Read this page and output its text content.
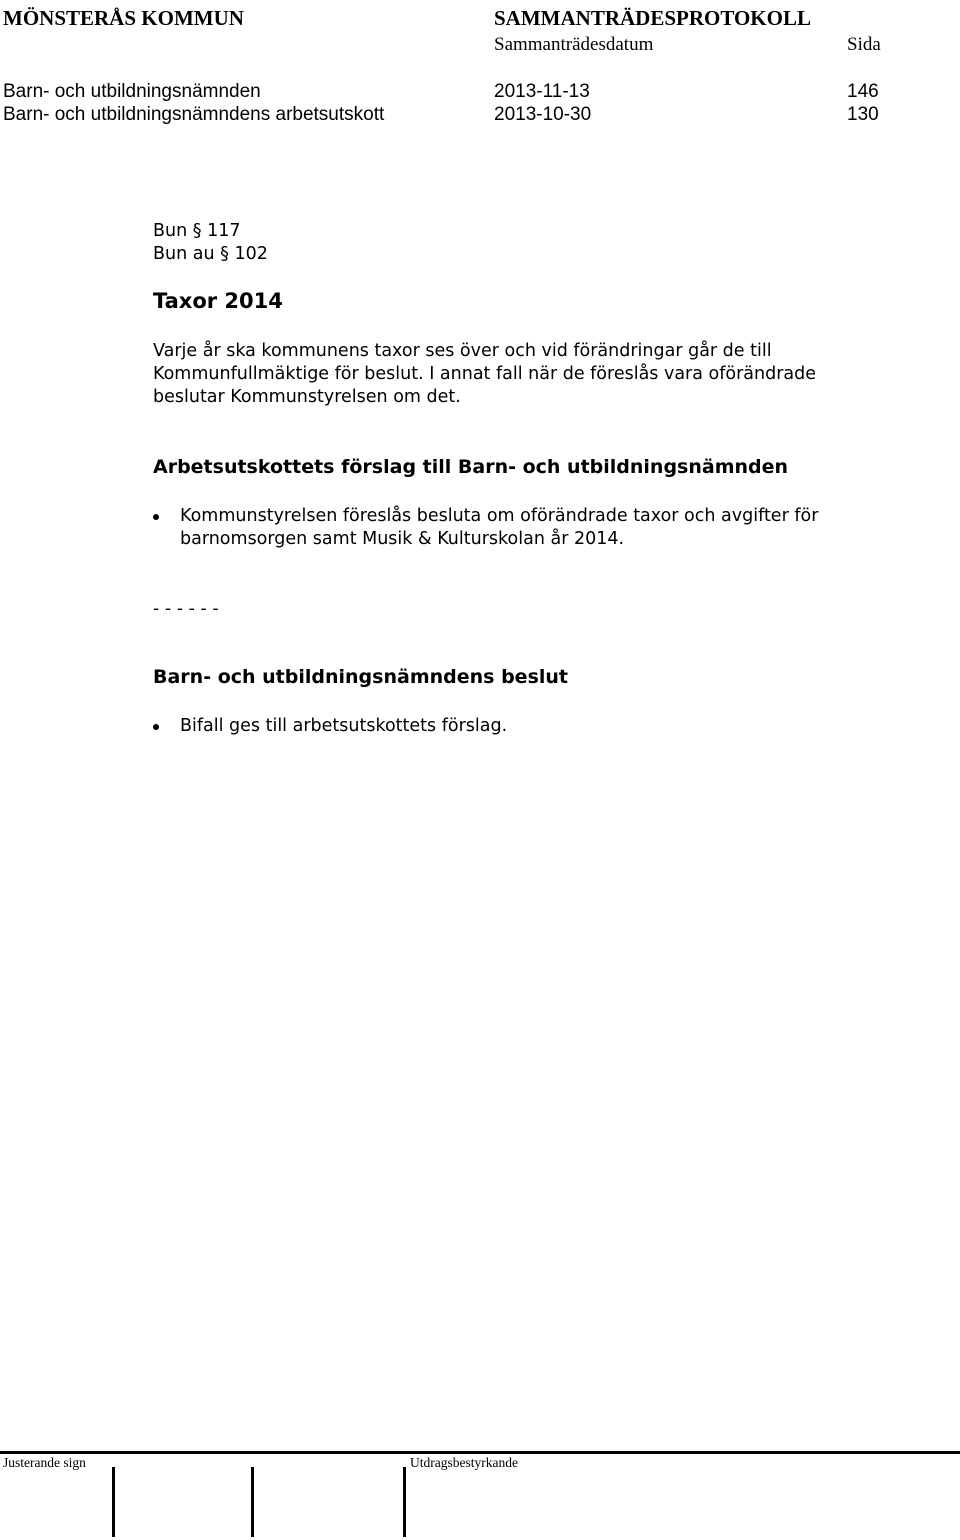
MÖNSTERÅS KOMMUN	SAMMANTRÄDESPROTOKOLL
Sammanträdesdatum	Sida
Barn- och utbildningsnämnden	2013-11-13	146
Barn- och utbildningsnämndens arbetsutskott	2013-10-30	130
Bun § 117
Bun au § 102
Taxor 2014
Varje år ska kommunens taxor ses över och vid förändringar går de till
Kommunfullmäktige för beslut. I annat fall när de föreslås vara oförändrade
beslutar Kommunstyrelsen om det.
Arbetsutskottets förslag till Barn- och utbildningsnämnden
Kommunstyrelsen föreslås besluta om oförändrade taxor och avgifter för
barnomsorgen samt Musik & Kulturskolan år 2014.
- - - - - -
Barn- och utbildningsnämndens beslut
Bifall ges till arbetsutskottets förslag.
Justerande sign	Utdragsbestyrkande
